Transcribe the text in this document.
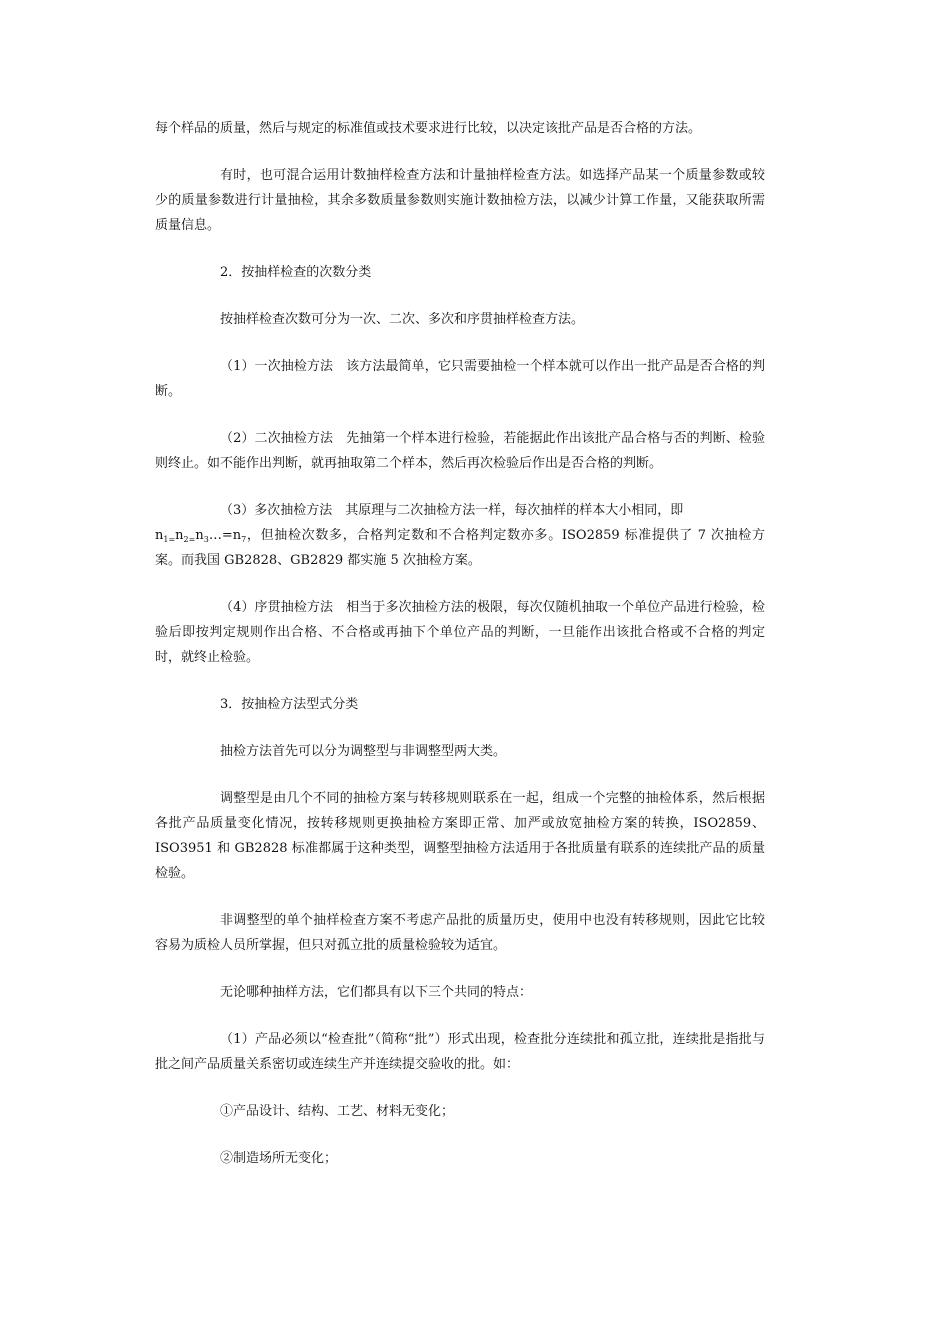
每个样品的质量，然后与规定的标准值或技术要求进行比较，以决定该批产品是否合格的方法。

有时，也可混合运用计数抽样检查方法和计量抽样检查方法。如选择产品某一个质量参数或较少的质量参数进行计量抽检，其余多数质量参数则实施计数抽检方法，以减少计算工作量，又能获取所需质量信息。

2．按抽样检查的次数分类

按抽样检查次数可分为一次、二次、多次和序贯抽样检查方法。

（1）一次抽检方法　该方法最简单，它只需要抽检一个样本就可以作出一批产品是否合格的判断。

（2）二次抽检方法　先抽第一个样本进行检验，若能据此作出该批产品合格与否的判断、检验则终止。如不能作出判断，就再抽取第二个样本，然后再次检验后作出是否合格的判断。

（3）多次抽检方法　其原理与二次抽检方法一样，每次抽样的样本大小相同，即
$n_{1=}n_{2=}n_3\dots=n_7$，但抽检次数多，合格判定数和不合格判定数亦多。ISO2859 标准提供了 7 次抽检方案。而我国 GB2828、GB2829 都实施 5 次抽检方案。

（4）序贯抽检方法　相当于多次抽检方法的极限，每次仅随机抽取一个单位产品进行检验，检验后即按判定规则作出合格、不合格或再抽下个单位产品的判断，一旦能作出该批合格或不合格的判定时，就终止检验。

3．按抽检方法型式分类

抽检方法首先可以分为调整型与非调整型两大类。

调整型是由几个不同的抽检方案与转移规则联系在一起，组成一个完整的抽检体系，然后根据各批产品质量变化情况，按转移规则更换抽检方案即正常、加严或放宽抽检方案的转换，ISO2859、ISO3951 和 GB2828 标准都属于这种类型，调整型抽检方法适用于各批质量有联系的连续批产品的质量检验。

非调整型的单个抽样检查方案不考虑产品批的质量历史，使用中也没有转移规则，因此它比较容易为质检人员所掌握，但只对孤立批的质量检验较为适宜。

无论哪种抽样方法，它们都具有以下三个共同的特点：

（1）产品必须以“检查批”（简称“批”）形式出现，检查批分连续批和孤立批，连续批是指批与批之间产品质量关系密切或连续生产并连续提交验收的批。如：

①产品设计、结构、工艺、材料无变化；

②制造场所无变化；
